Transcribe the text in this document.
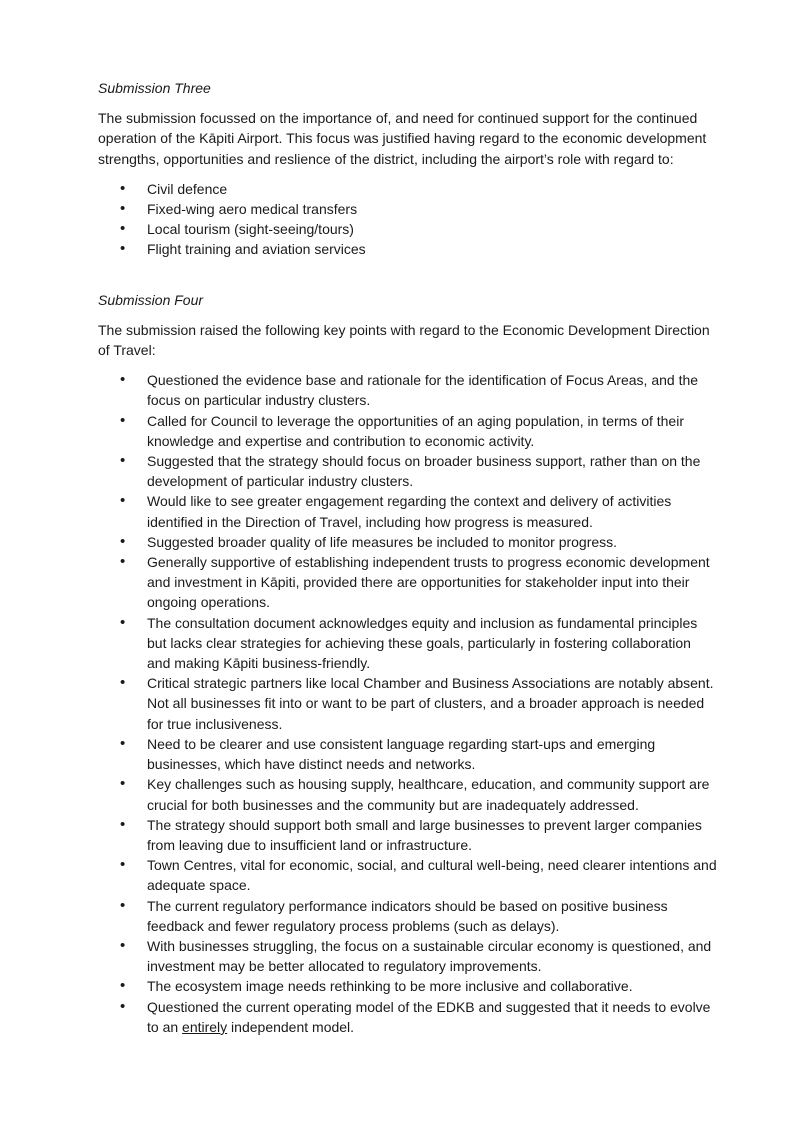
Submission Three

The submission focussed on the importance of, and need for continued support for the continued operation of the Kāpiti Airport. This focus was justified having regard to the economic development strengths, opportunities and reslience of the district, including the airport’s role with regard to:

• Civil defence
• Fixed-wing aero medical transfers
• Local tourism (sight-seeing/tours)
• Flight training and aviation services

Submission Four

The submission raised the following key points with regard to the Economic Development Direction of Travel:

• Questioned the evidence base and rationale for the identification of Focus Areas, and the focus on particular industry clusters.
• Called for Council to leverage the opportunities of an aging population, in terms of their knowledge and expertise and contribution to economic activity.
• Suggested that the strategy should focus on broader business support, rather than on the development of particular industry clusters.
• Would like to see greater engagement regarding the context and delivery of activities identified in the Direction of Travel, including how progress is measured.
• Suggested broader quality of life measures be included to monitor progress.
• Generally supportive of establishing independent trusts to progress economic development and investment in Kāpiti, provided there are opportunities for stakeholder input into their ongoing operations.
• The consultation document acknowledges equity and inclusion as fundamental principles but lacks clear strategies for achieving these goals, particularly in fostering collaboration and making Kāpiti business-friendly.
• Critical strategic partners like local Chamber and Business Associations are notably absent. Not all businesses fit into or want to be part of clusters, and a broader approach is needed for true inclusiveness.
• Need to be clearer and use consistent language regarding start-ups and emerging businesses, which have distinct needs and networks.
• Key challenges such as housing supply, healthcare, education, and community support are crucial for both businesses and the community but are inadequately addressed.
• The strategy should support both small and large businesses to prevent larger companies from leaving due to insufficient land or infrastructure.
• Town Centres, vital for economic, social, and cultural well-being, need clearer intentions and adequate space.
• The current regulatory performance indicators should be based on positive business feedback and fewer regulatory process problems (such as delays).
• With businesses struggling, the focus on a sustainable circular economy is questioned, and investment may be better allocated to regulatory improvements.
• The ecosystem image needs rethinking to be more inclusive and collaborative.
• Questioned the current operating model of the EDKB and suggested that it needs to evolve to an entirely independent model.
